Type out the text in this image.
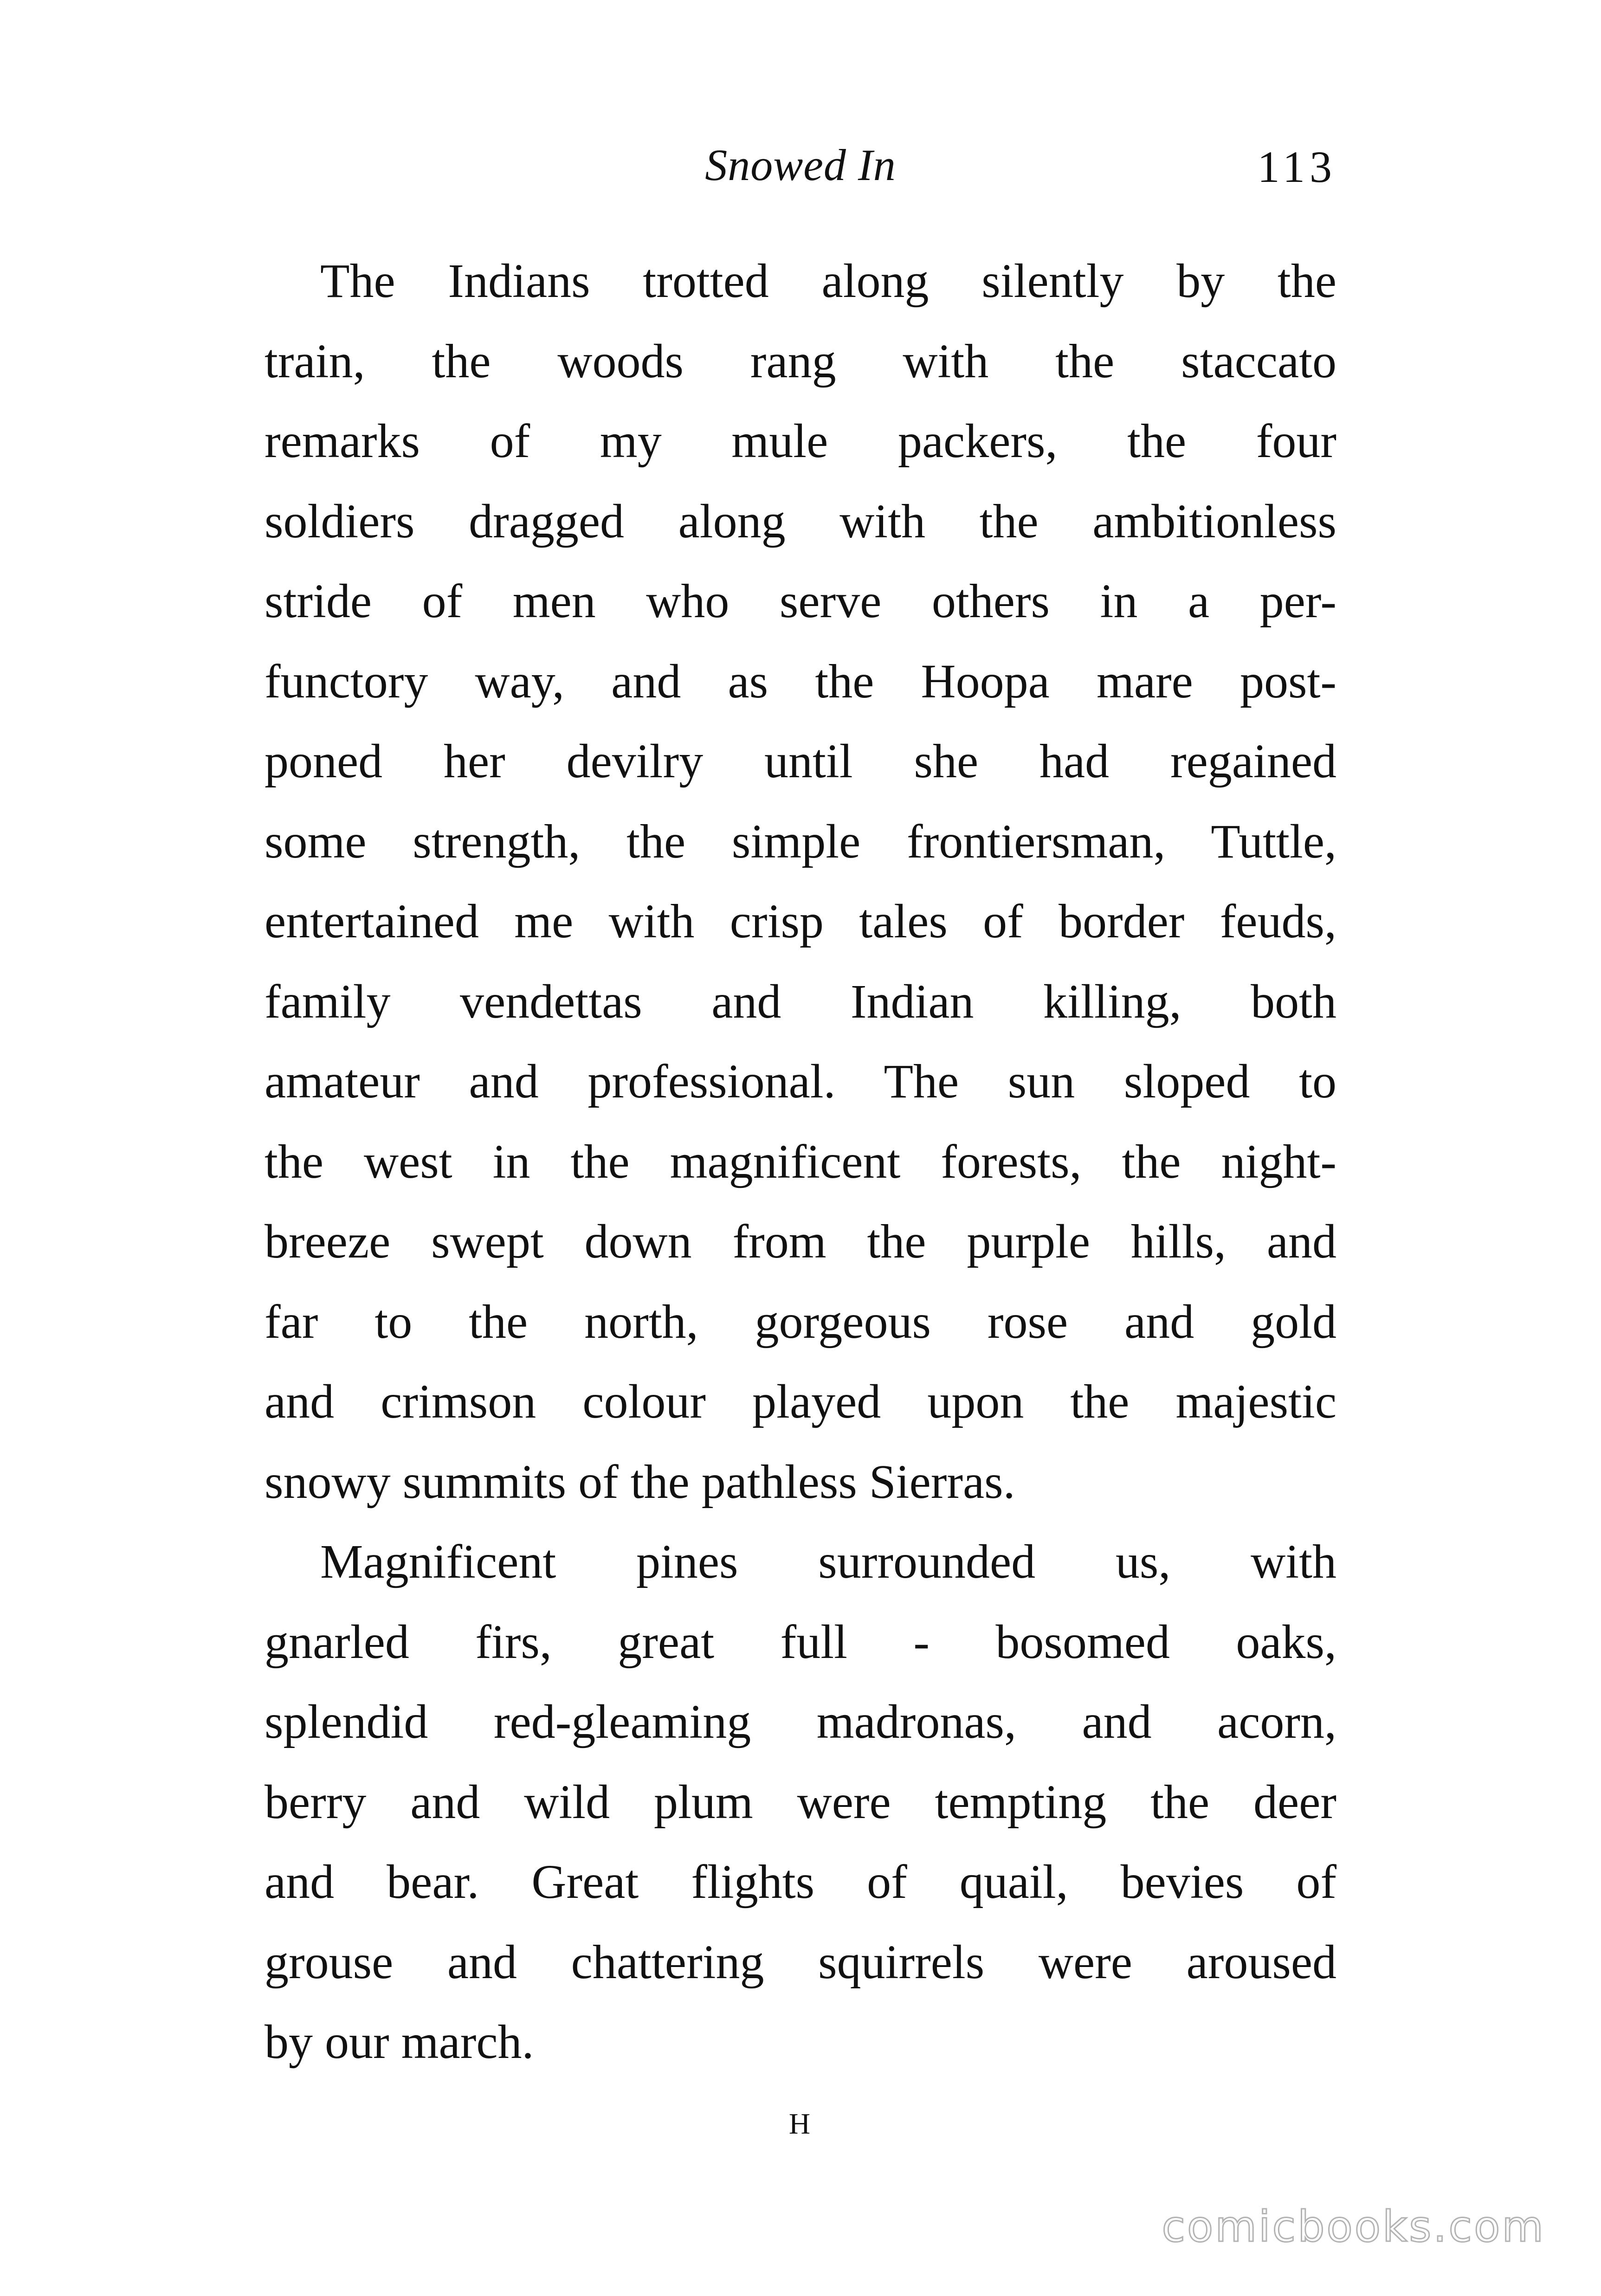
Snowed In	113
The Indians trotted along silently by the
train, the woods rang with the staccato
remarks of my mule packers, the four
soldiers dragged along with the ambitionless
stride of men who serve others in a per-
functory way, and as the Hoopa mare post-
poned her devilry until she had regained
some strength, the simple frontiersman, Tuttle,
entertained me with crisp tales of border feuds,
family vendettas and Indian killing, both
amateur and professional. The sun sloped to
the west in the magnificent forests, the night-
breeze swept down from the purple hills, and
far to the north, gorgeous rose and gold
and crimson colour played upon the majestic
snowy summits of the pathless Sierras.
Magnificent pines surrounded us, with
gnarled firs, great full - bosomed oaks,
splendid red-gleaming madronas, and acorn,
berry and wild plum were tempting the deer
and bear. Great flights of quail, bevies of
grouse and chattering squirrels were aroused
by our march.
H
comicbooks.com
